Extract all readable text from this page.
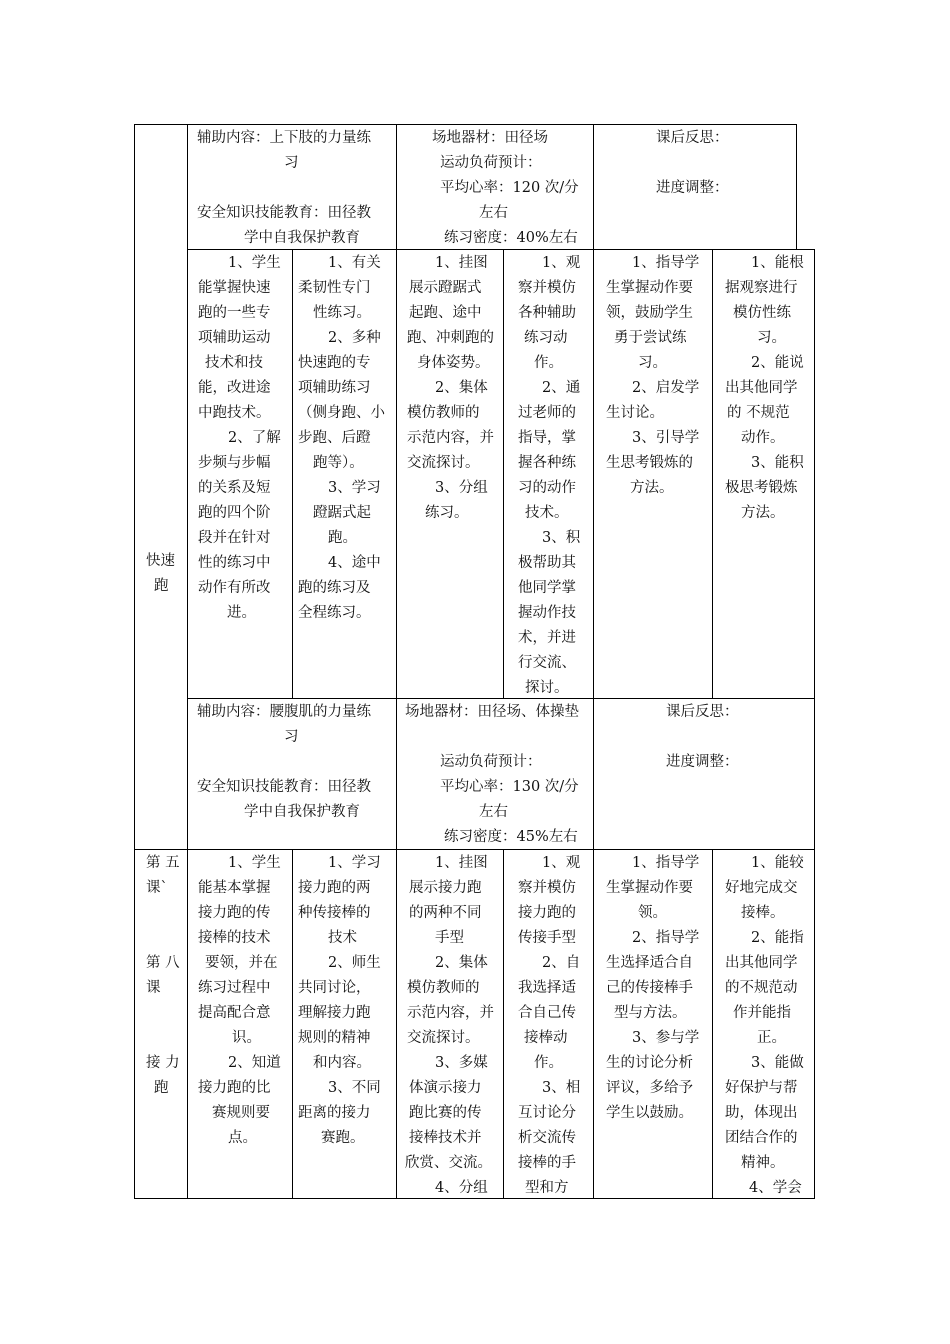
辅助内容：上下肢的力量练
习
安全知识技能教育：田径教
学中自我保护教育
场地器材：田径场
运动负荷预计：
平均心率：120 次/分
左右
练习密度：40%左右
课后反思：
进度调整：
快速
跑
1、学生
能掌握快速
跑的一些专
项辅助运动
技术和技
能，改进途
中跑技术。
2、了解
步频与步幅
的关系及短
跑的四个阶
段并在针对
性的练习中
动作有所改
进。
1、有关
柔韧性专门
性练习。
2、多种
快速跑的专
项辅助练习
（侧身跑、小
步跑、后蹬
跑等）。
3、学习
蹬踞式起
跑。
4、途中
跑的练习及
全程练习。
1、挂图
展示蹬踞式
起跑、途中
跑、冲刺跑的
身体姿势。
2、集体
模仿教师的
示范内容，并
交流探讨。
3、分组
练习。
1、观
察并模仿
各种辅助
练习动
作。
2、通
过老师的
指导，掌
握各种练
习的动作
技术。
3、积
极帮助其
他同学掌
握动作技
术，并进
行交流、
探讨。
1、指导学
生掌握动作要
领，鼓励学生
勇于尝试练
习。
2、启发学
生讨论。
3、引导学
生思考锻炼的
方法。
1、能根
据观察进行
模仿性练
习。
2、能说
出其他同学
的 不规范
动作。
3、能积
极思考锻炼
方法。
辅助内容：腰腹肌的力量练
习
安全知识技能教育：田径教
学中自我保护教育
场地器材：田径场、体操垫
运动负荷预计：
平均心率：130 次/分
左右
练习密度：45%左右
课后反思：
进度调整：
第 五
课`
第 八
课
接 力
跑
1、学生
能基本掌握
接力跑的传
接棒的技术
要领，并在
练习过程中
提高配合意
识。
2、知道
接力跑的比
赛规则要
点。
1、学习
接力跑的两
种传接棒的
技术
2、师生
共同讨论，
理解接力跑
规则的精神
和内容。
3、不同
距离的接力
赛跑。
1、挂图
展示接力跑
的两种不同
手型
2、集体
模仿教师的
示范内容，并
交流探讨。
3、多媒
体演示接力
跑比赛的传
接棒技术并
欣赏、交流。
4、分组
1、观
察并模仿
接力跑的
传接手型
2、自
我选择适
合自己传
接棒动
作。
3、相
互讨论分
析交流传
接棒的手
型和方
1、指导学
生掌握动作要
领。
2、指导学
生选择适合自
己的传接棒手
型与方法。
3、参与学
生的讨论分析
评议，多给予
学生以鼓励。
1、能较
好地完成交
接棒。
2、能指
出其他同学
的不规范动
作并能指
正。
3、能做
好保护与帮
助，体现出
团结合作的
精神。
4、学会
